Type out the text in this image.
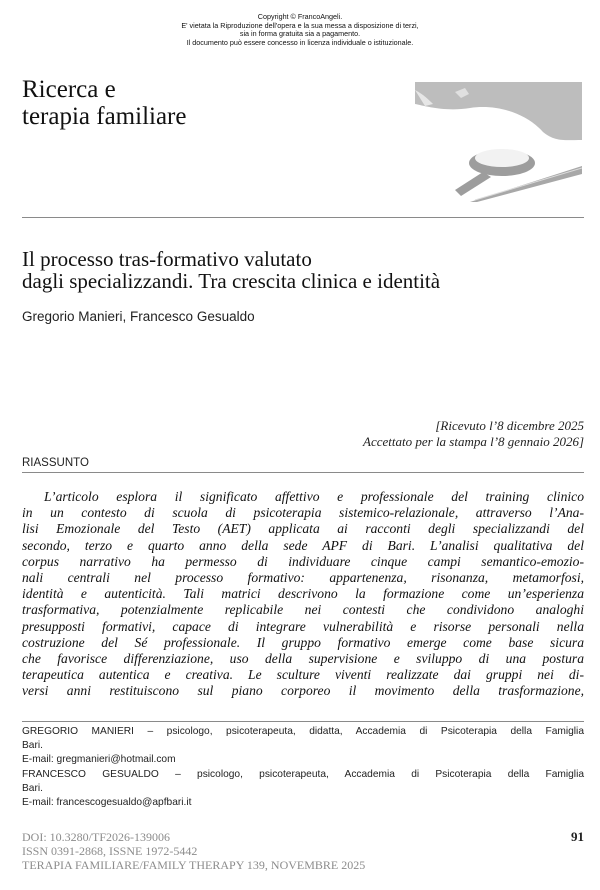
Copyright © FrancoAngeli.
E' vietata la Riproduzione dell'opera e la sua messa a disposizione di terzi,
sia in forma gratuita sia a pagamento.
Il documento può essere concesso in licenza individuale o istituzionale.
Ricerca e
terapia familiare
Il processo tras-formativo valutato
dagli specializzandi. Tra crescita clinica e identità
Gregorio Manieri, Francesco Gesualdo
[Ricevuto l’8 dicembre 2025
Accettato per la stampa l’8 gennaio 2026]
RIASSUNTO
L’articolo esplora il significato affettivo e professionale del training clinico
in un contesto di scuola di psicoterapia sistemico-relazionale, attraverso l’Ana-
lisi Emozionale del Testo (AET) applicata ai racconti degli specializzandi del
secondo, terzo e quarto anno della sede APF di Bari. L’analisi qualitativa del
corpus narrativo ha permesso di individuare cinque campi semantico-emozio-
nali centrali nel processo formativo: appartenenza, risonanza, metamorfosi,
identità e autenticità. Tali matrici descrivono la formazione come un’esperienza
trasformativa, potenzialmente replicabile nei contesti che condividono analoghi
presupposti formativi, capace di integrare vulnerabilità e risorse personali nella
costruzione del Sé professionale. Il gruppo formativo emerge come base sicura
che favorisce differenziazione, uso della supervisione e sviluppo di una postura
terapeutica autentica e creativa. Le sculture viventi realizzate dai gruppi nei di-
versi anni restituiscono sul piano corporeo il movimento della trasformazione,
GREGORIO MANIERI – psicologo, psicoterapeuta, didatta, Accademia di Psicoterapia della Famiglia
Bari.
E-mail: gregmanieri@hotmail.com
FRANCESCO GESUALDO – psicologo, psicoterapeuta, Accademia di Psicoterapia della Famiglia
Bari.
E-mail: francescogesualdo@apfbari.it
DOI: 10.3280/TF2026-139006
ISSN 0391-2868, ISSNE 1972-5442
TERAPIA FAMILIARE/FAMILY THERAPY 139, NOVEMBRE 2025
91
